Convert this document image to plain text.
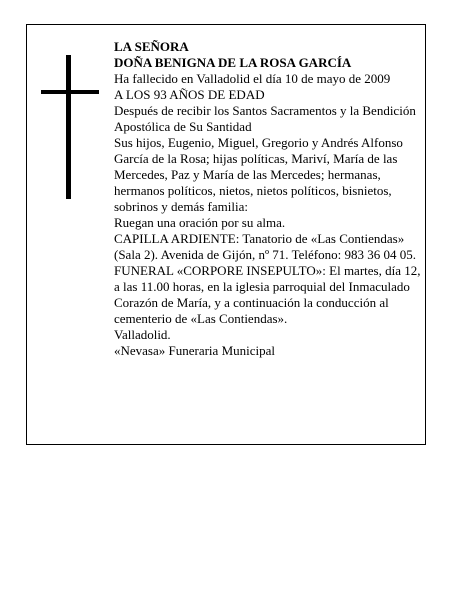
LA SEÑORA
DOÑA BENIGNA DE LA ROSA GARCÍA
Ha fallecido en Valladolid el día 10 de mayo de 2009
A LOS 93 AÑOS DE EDAD
Después de recibir los Santos Sacramentos y la Bendición Apostólica de Su Santidad
Sus hijos, Eugenio, Miguel, Gregorio y Andrés Alfonso García de la Rosa; hijas políticas, Mariví, María de las Mercedes, Paz y María de las Mercedes; hermanas, hermanos políticos, nietos, nietos políticos, bisnietos, sobrinos y demás familia:
Ruegan una oración por su alma.
CAPILLA ARDIENTE: Tanatorio de «Las Contiendas» (Sala 2). Avenida de Gijón, nº 71. Teléfono: 983 36 04 05.
FUNERAL «CORPORE INSEPULTO»: El martes, día 12, a las 11.00 horas, en la iglesia parroquial del Inmaculado Corazón de María, y a continuación la conducción al cementerio de «Las Contiendas».
Valladolid.
«Nevasa» Funeraria Municipal
